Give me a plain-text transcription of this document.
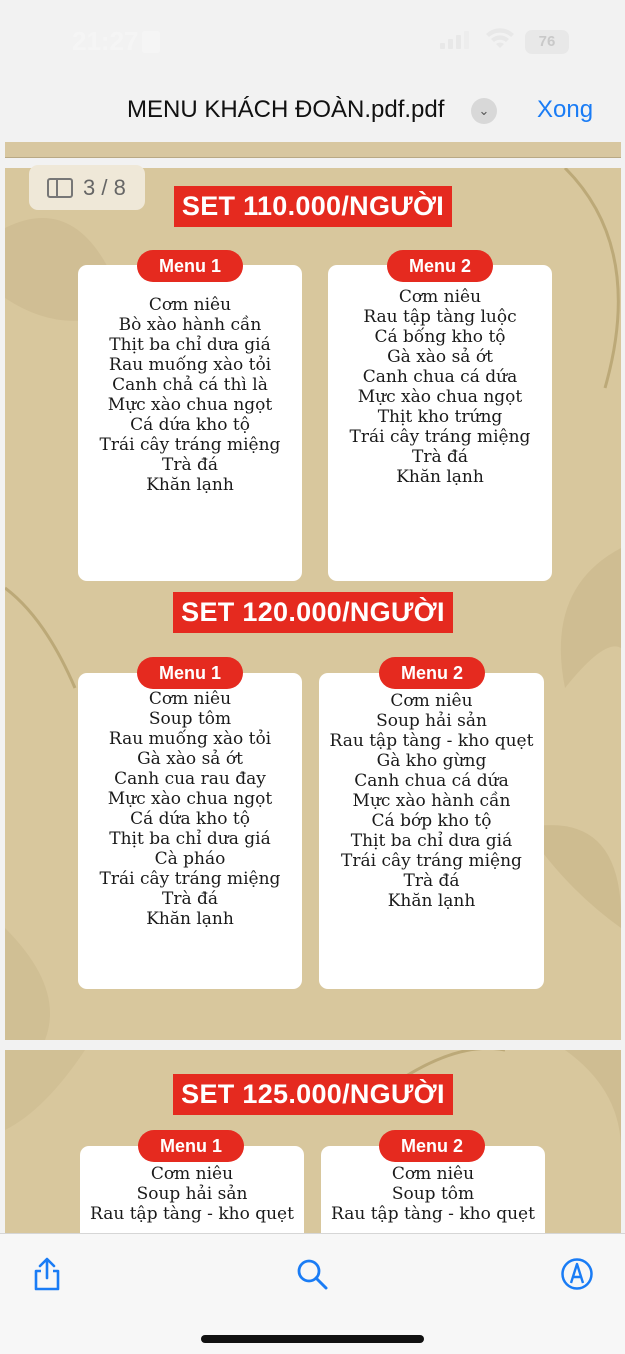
21:27	76
MENU KHÁCH ĐOÀN.pdf.pdf	⌄	Xong
SET 110.000/NGƯỜI
Cơm niêu
Bò xào hành cần
Thịt ba chỉ dưa giá
Rau muống xào tỏi
Canh chả cá thì là
Mực xào chua ngọt
Cá dứa kho tộ
Trái cây tráng miệng
Trà đá
Khăn lạnh
Menu 1
Cơm niêu
Rau tập tàng luộc
Cá bống kho tộ
Gà xào sả ớt
Canh chua cá dứa
Mực xào chua ngọt
Thịt kho trứng
Trái cây tráng miệng
Trà đá
Khăn lạnh
Menu 2
SET 120.000/NGƯỜI
Cơm niêu
Soup tôm
Rau muống xào tỏi
Gà xào sả ớt
Canh cua rau đay
Mực xào chua ngọt
Cá dứa kho tộ
Thịt ba chỉ dưa giá
Cà pháo
Trái cây tráng miệng
Trà đá
Khăn lạnh
Menu 1
Cơm niêu
Soup hải sản
Rau tập tàng - kho quẹt
Gà kho gừng
Canh chua cá dứa
Mực xào hành cần
Cá bớp kho tộ
Thịt ba chỉ dưa giá
Trái cây tráng miệng
Trà đá
Khăn lạnh
Menu 2
SET 125.000/NGƯỜI
Cơm niêu
Soup hải sản
Rau tập tàng - kho quẹt
Menu 1
Cơm niêu
Soup tôm
Rau tập tàng - kho quẹt
Menu 2
3 / 8
